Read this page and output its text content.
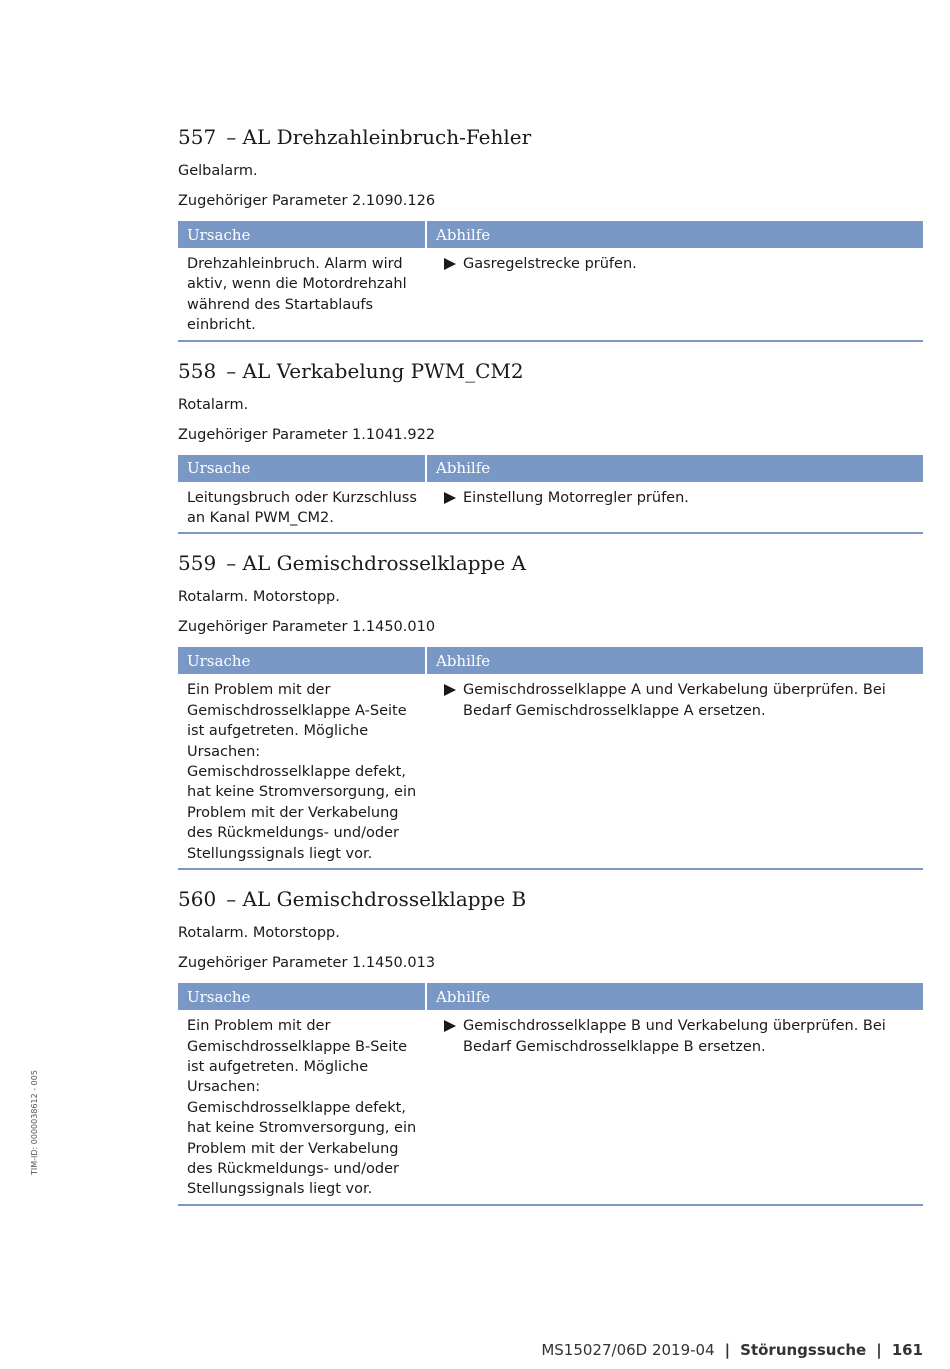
557 – AL Drehzahleinbruch-Fehler
Gelbalarm.
Zugehöriger Parameter 2.1090.126
Ursache	Abhilfe
Drehzahleinbruch. Alarm wird aktiv, wenn die Motordrehzahl während des Startablaufs einbricht.	Gasregelstrecke prüfen.
558 – AL Verkabelung PWM_CM2
Rotalarm.
Zugehöriger Parameter 1.1041.922
Ursache	Abhilfe
Leitungsbruch oder Kurzschluss an Kanal PWM_CM2.	Einstellung Motorregler prüfen.
559 – AL Gemischdrosselklappe A
Rotalarm. Motorstopp.
Zugehöriger Parameter 1.1450.010
Ursache	Abhilfe
Ein Problem mit der Gemischdrosselklappe A-Seite ist aufgetreten. Mögliche Ursachen: Gemischdrosselklappe defekt, hat keine Stromversorgung, ein Problem mit der Verkabelung des Rückmeldungs- und/oder Stellungssignals liegt vor.	Gemischdrosselklappe A und Verkabelung überprüfen. Bei Bedarf Gemischdrosselklappe A ersetzen.
560 – AL Gemischdrosselklappe B
Rotalarm. Motorstopp.
Zugehöriger Parameter 1.1450.013
Ursache	Abhilfe
Ein Problem mit der Gemischdrosselklappe B-Seite ist aufgetreten. Mögliche Ursachen: Gemischdrosselklappe defekt, hat keine Stromversorgung, ein Problem mit der Verkabelung des Rückmeldungs- und/oder Stellungssignals liegt vor.	Gemischdrosselklappe B und Verkabelung überprüfen. Bei Bedarf Gemischdrosselklappe B ersetzen.
TIM-ID: 0000038612 - 005
MS15027/06D 2019-04 | Störungssuche | 161
